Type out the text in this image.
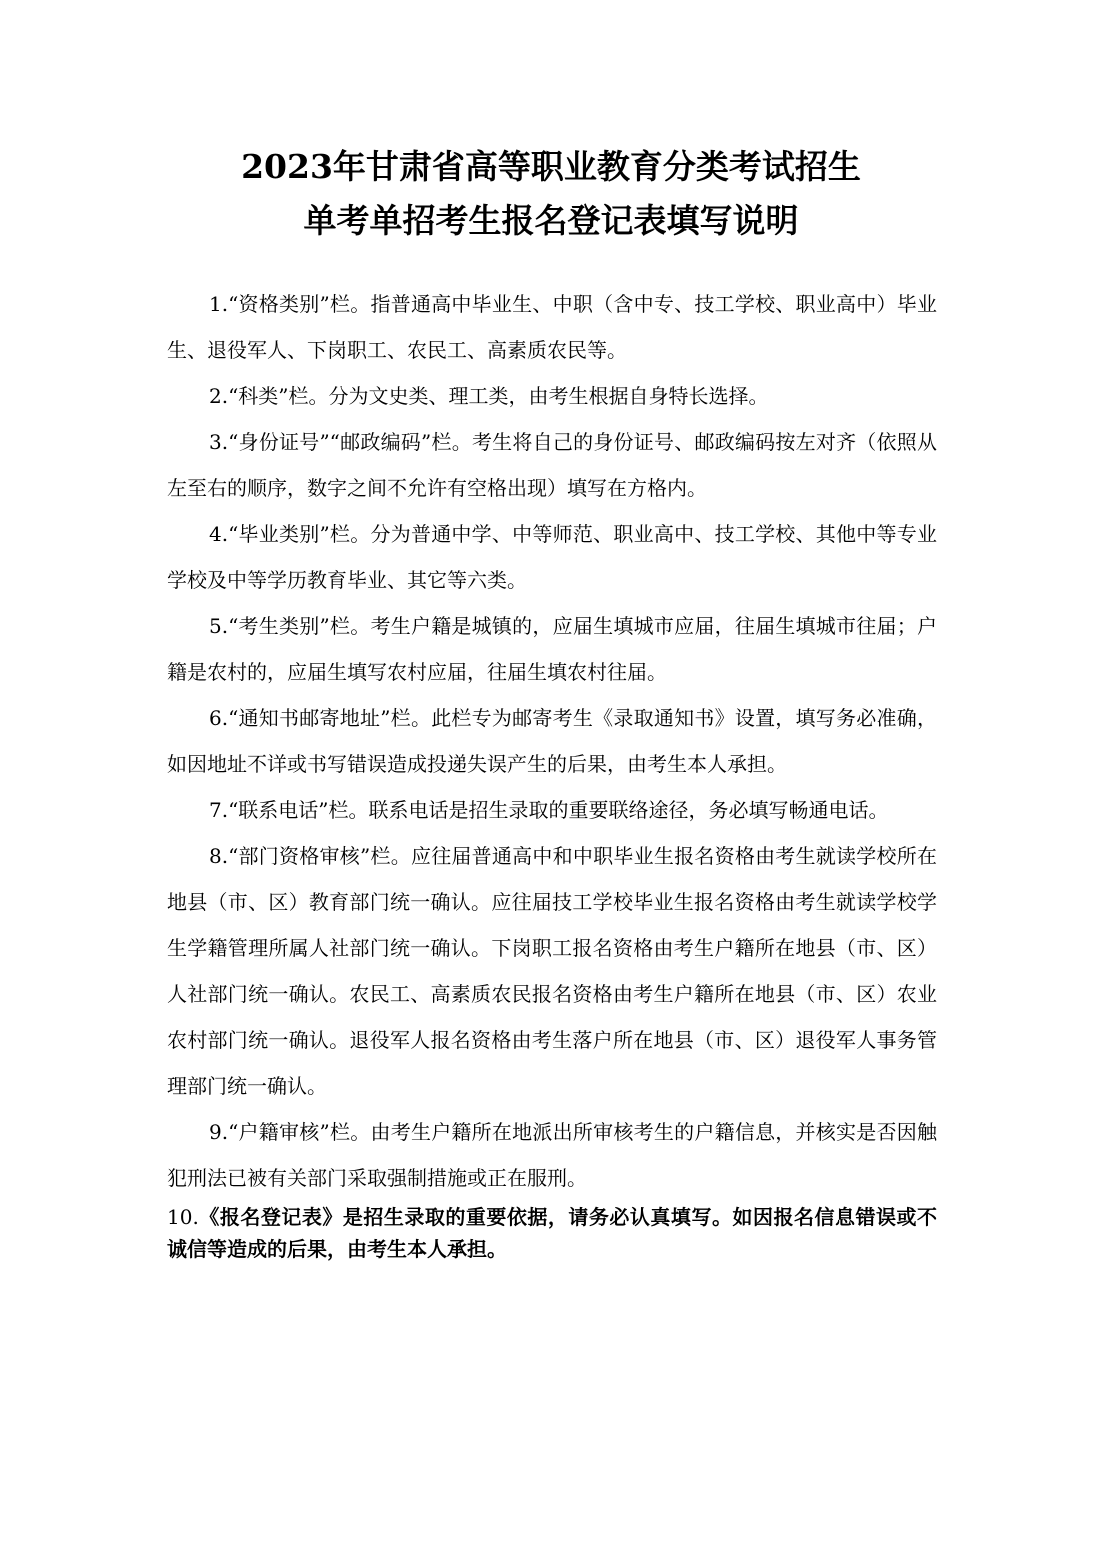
2023年甘肃省高等职业教育分类考试招生
单考单招考生报名登记表填写说明

1.“资格类别”栏。指普通高中毕业生、中职（含中专、技工学校、职业高中）毕业生、退役军人、下岗职工、农民工、高素质农民等。

2.“科类”栏。分为文史类、理工类，由考生根据自身特长选择。

3.“身份证号”“邮政编码”栏。考生将自己的身份证号、邮政编码按左对齐（依照从左至右的顺序，数字之间不允许有空格出现）填写在方格内。

4.“毕业类别”栏。分为普通中学、中等师范、职业高中、技工学校、其他中等专业学校及中等学历教育毕业、其它等六类。

5.“考生类别”栏。考生户籍是城镇的，应届生填城市应届，往届生填城市往届；户籍是农村的，应届生填写农村应届，往届生填农村往届。

6.“通知书邮寄地址”栏。此栏专为邮寄考生《录取通知书》设置，填写务必准确，如因地址不详或书写错误造成投递失误产生的后果，由考生本人承担。

7.“联系电话”栏。联系电话是招生录取的重要联络途径，务必填写畅通电话。

8.“部门资格审核”栏。应往届普通高中和中职毕业生报名资格由考生就读学校所在地县（市、区）教育部门统一确认。应往届技工学校毕业生报名资格由考生就读学校学生学籍管理所属人社部门统一确认。下岗职工报名资格由考生户籍所在地县（市、区）人社部门统一确认。农民工、高素质农民报名资格由考生户籍所在地县（市、区）农业农村部门统一确认。退役军人报名资格由考生落户所在地县（市、区）退役军人事务管理部门统一确认。

9.“户籍审核”栏。由考生户籍所在地派出所审核考生的户籍信息，并核实是否因触犯刑法已被有关部门采取强制措施或正在服刑。

10.《报名登记表》是招生录取的重要依据，请务必认真填写。如因报名信息错误或不诚信等造成的后果，由考生本人承担。
